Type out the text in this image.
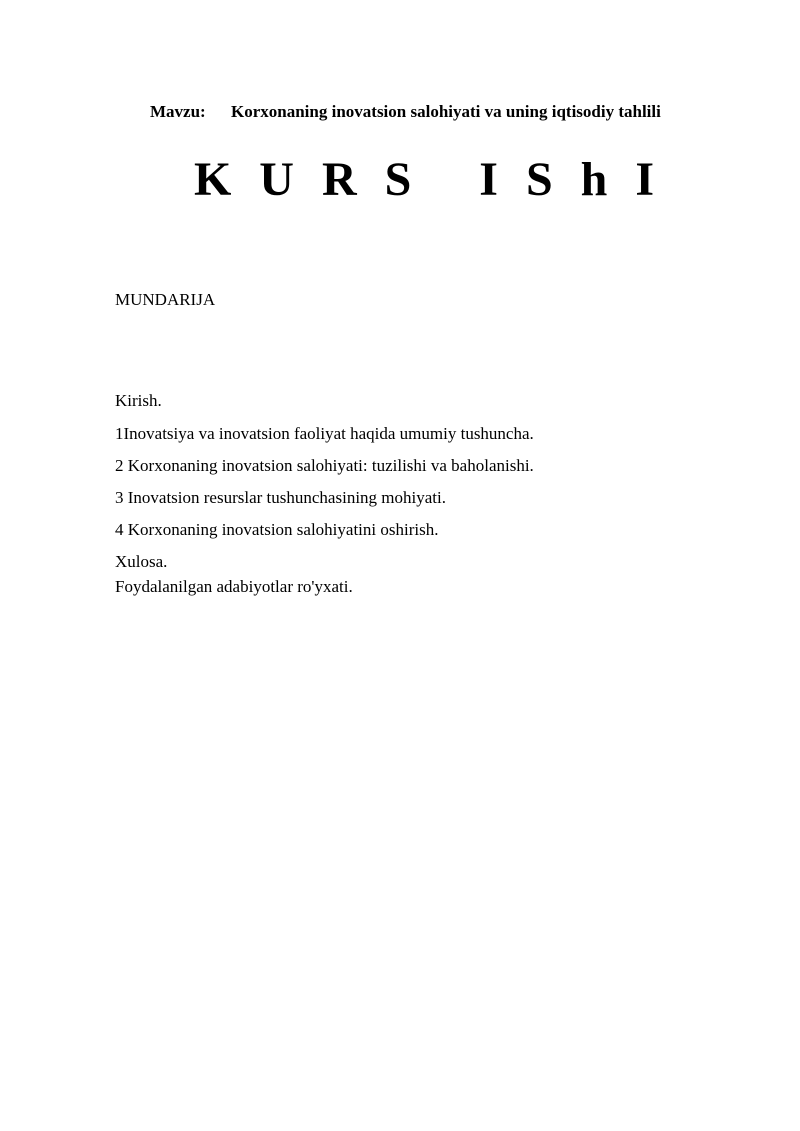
Mavzu: Korxonaning inovatsion salohiyati va uning iqtisodiy tahlili
K U R S   I S h I
MUNDARIJA
Kirish.
1Inovatsiya va inovatsion faoliyat haqida umumiy tushuncha.
2 Korxonaning inovatsion salohiyati: tuzilishi va baholanishi.
3 Inovatsion resurslar tushunchasining mohiyati.
4 Korxonaning inovatsion salohiyatini oshirish.
Xulosa.
Foydalanilgan adabiyotlar ro'yxati.
